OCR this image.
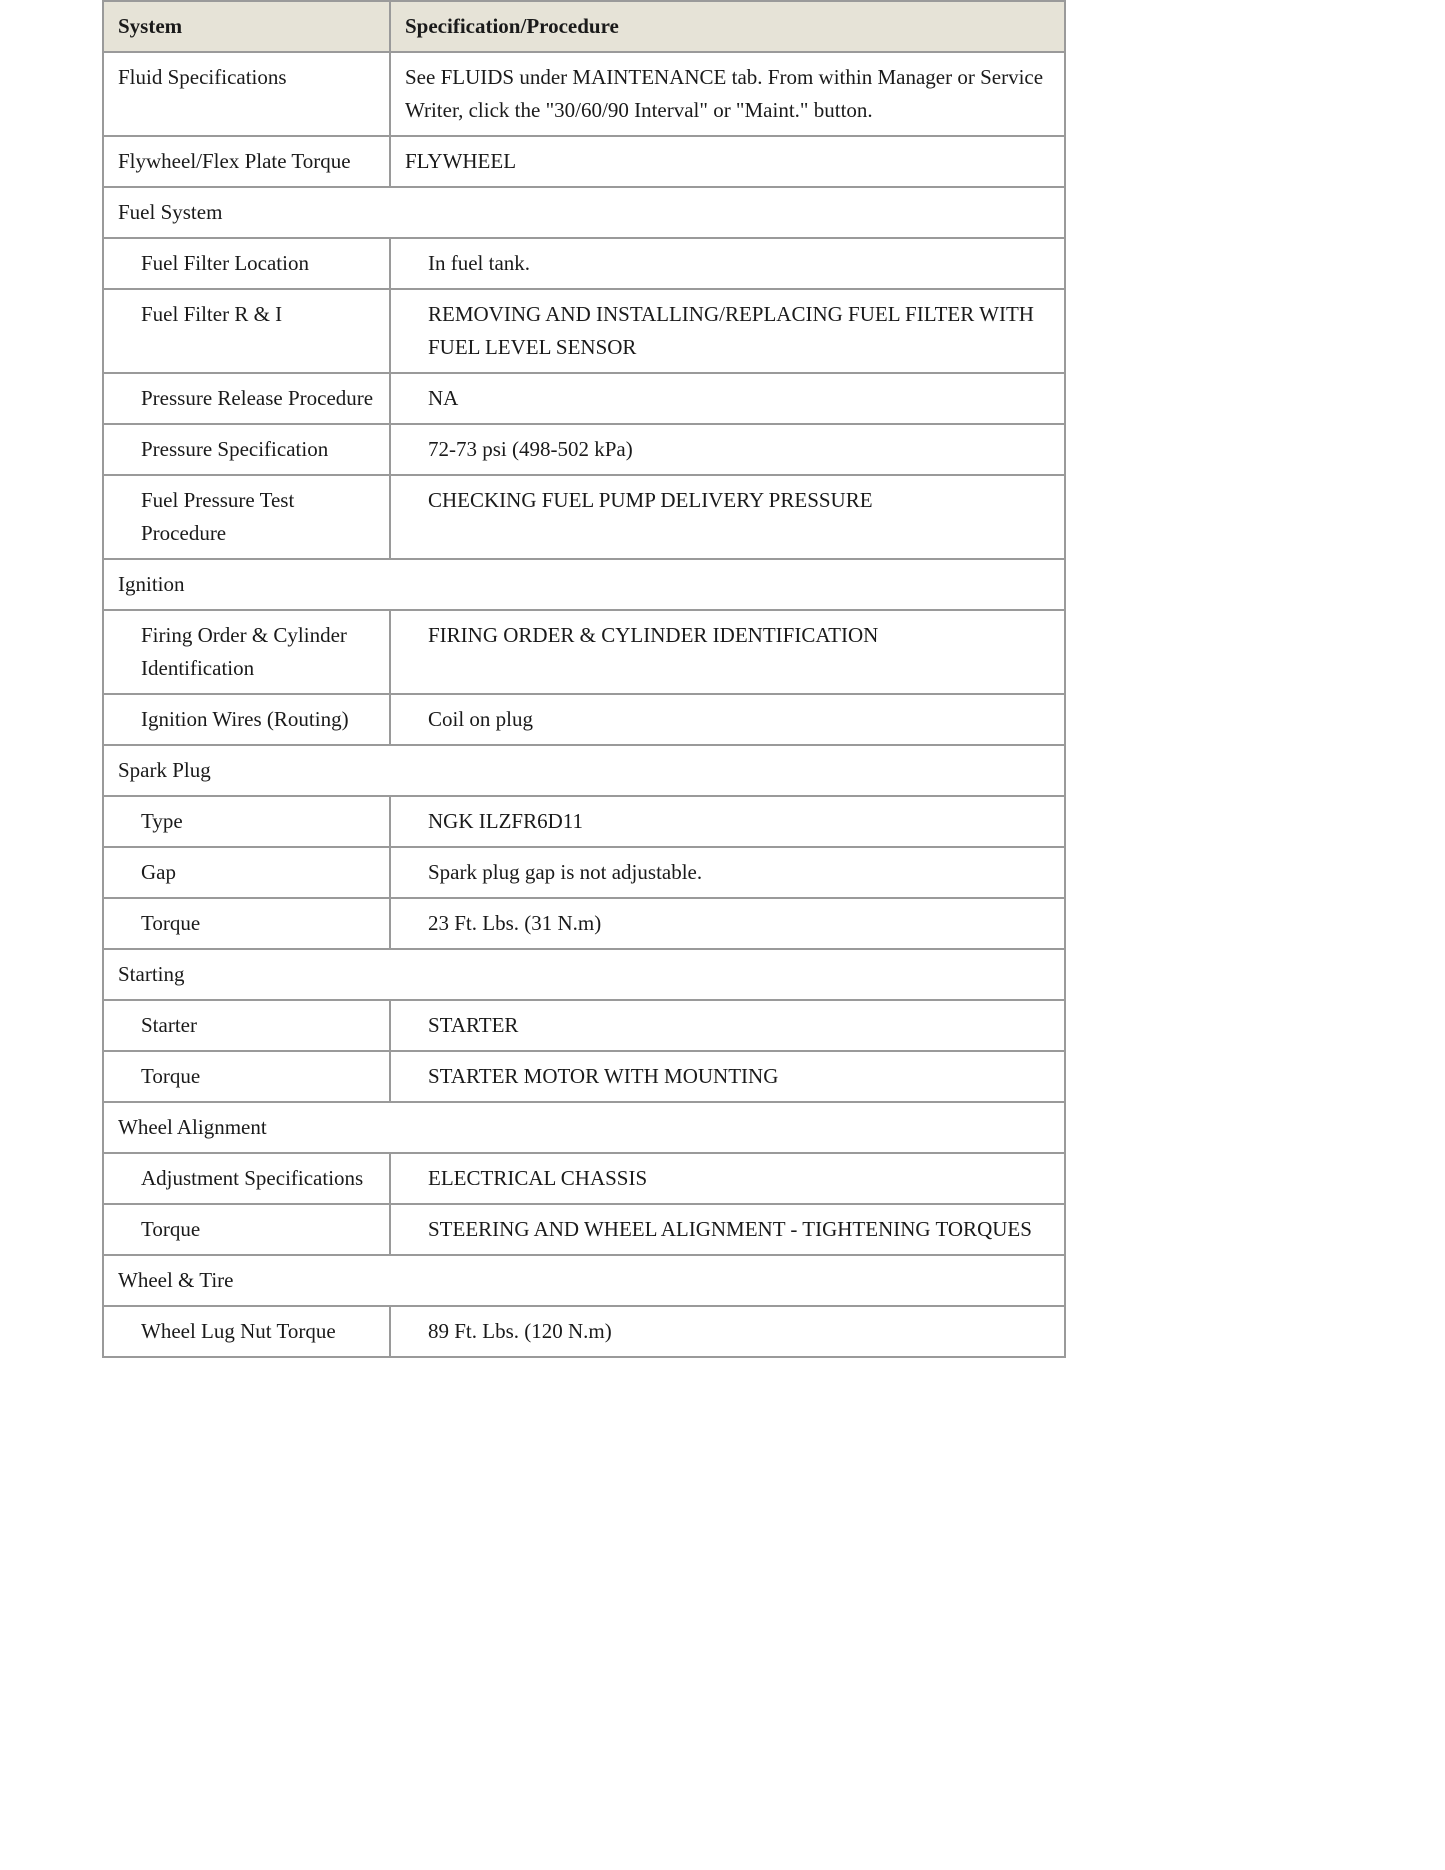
System	Specification/Procedure
Fluid Specifications	See FLUIDS under MAINTENANCE tab. From within Manager or Service Writer, click the "30/60/90 Interval" or "Maint." button.
Flywheel/Flex Plate Torque	FLYWHEEL
Fuel System	
Fuel Filter Location	In fuel tank.
Fuel Filter R & I	REMOVING AND INSTALLING/REPLACING FUEL FILTER WITH FUEL LEVEL SENSOR
Pressure Release Procedure	NA
Pressure Specification	72-73 psi (498-502 kPa)
Fuel Pressure Test Procedure	CHECKING FUEL PUMP DELIVERY PRESSURE
Ignition	
Firing Order & Cylinder Identification	FIRING ORDER & CYLINDER IDENTIFICATION
Ignition Wires (Routing)	Coil on plug
Spark Plug	
Type	NGK ILZFR6D11
Gap	Spark plug gap is not adjustable.
Torque	23 Ft. Lbs. (31 N.m)
Starting	
Starter	STARTER
Torque	STARTER MOTOR WITH MOUNTING
Wheel Alignment	
Adjustment Specifications	ELECTRICAL CHASSIS
Torque	STEERING AND WHEEL ALIGNMENT - TIGHTENING TORQUES
Wheel & Tire	
Wheel Lug Nut Torque	89 Ft. Lbs. (120 N.m)
